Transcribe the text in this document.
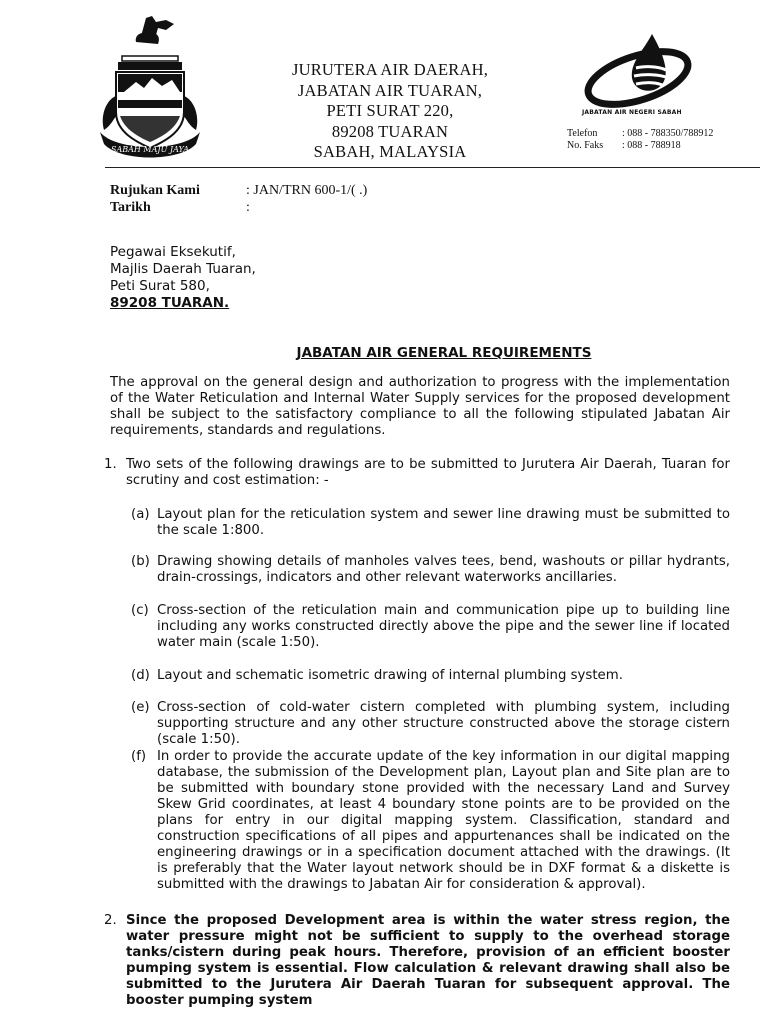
SABAH MAJU JAYA
JURUTERA AIR DAERAH,
JABATAN AIR TUARAN,
PETI SURAT 220,
89208 TUARAN
SABAH, MALAYSIA
JABATAN AIR NEGERI SABAH
Telefon : 088 - 788350/788912
No. Faks : 088 - 788918
Rujukan Kami	: JAN/TRN 600-1/( .)
Tarikh	:
Pegawai Eksekutif,
Majlis Daerah Tuaran,
Peti Surat 580,
89208 TUARAN.
JABATAN AIR GENERAL REQUIREMENTS
The approval on the general design and authorization to progress with the implementation of the Water Reticulation and Internal Water Supply services for the proposed development shall be subject to the satisfactory compliance to all the following stipulated Jabatan Air requirements, standards and regulations.
1. Two sets of the following drawings are to be submitted to Jurutera Air Daerah, Tuaran for scrutiny and cost estimation: -
(a) Layout plan for the reticulation system and sewer line drawing must be submitted to the scale 1:800.
(b) Drawing showing details of manholes valves tees, bend, washouts or pillar hydrants, drain-crossings, indicators and other relevant waterworks ancillaries.
(c) Cross-section of the reticulation main and communication pipe up to building line including any works constructed directly above the pipe and the sewer line if located water main (scale 1:50).
(d) Layout and schematic isometric drawing of internal plumbing system.
(e) Cross-section of cold-water cistern completed with plumbing system, including supporting structure and any other structure constructed above the storage cistern (scale 1:50).
(f) In order to provide the accurate update of the key information in our digital mapping database, the submission of the Development plan, Layout plan and Site plan are to be submitted with boundary stone provided with the necessary Land and Survey Skew Grid coordinates, at least 4 boundary stone points are to be provided on the plans for entry in our digital mapping system. Classification, standard and construction specifications of all pipes and appurtenances shall be indicated on the engineering drawings or in a specification document attached with the drawings. (It is preferably that the Water layout network should be in DXF format & a diskette is submitted with the drawings to Jabatan Air for consideration & approval).
2. Since the proposed Development area is within the water stress region, the water pressure might not be sufficient to supply to the overhead storage tanks/cistern during peak hours. Therefore, provision of an efficient booster pumping system is essential. Flow calculation & relevant drawing shall also be submitted to the Jurutera Air Daerah Tuaran for subsequent approval. The booster pumping system
